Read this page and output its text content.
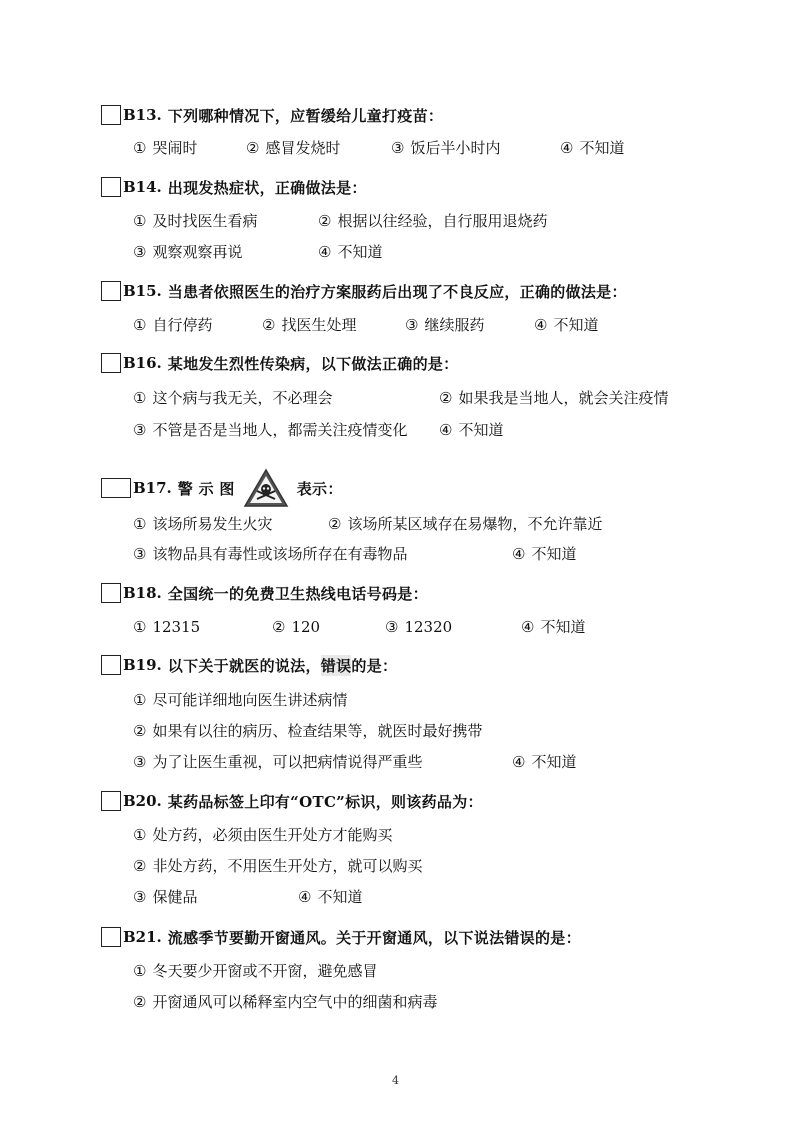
B13. 下列哪种情况下，应暂缓给儿童打疫苗：
① 哭闹时	② 感冒发烧时	③ 饭后半小时内	④ 不知道
B14. 出现发热症状，正确做法是：
① 及时找医生看病	② 根据以往经验，自行服用退烧药
③ 观察观察再说	④ 不知道
B15. 当患者依照医生的治疗方案服药后出现了不良反应，正确的做法是：
① 自行停药	② 找医生处理	③ 继续服药	④ 不知道
B16. 某地发生烈性传染病，以下做法正确的是：
① 这个病与我无关，不必理会	② 如果我是当地人，就会关注疫情
③ 不管是否是当地人，都需关注疫情变化 ④ 不知道
B17. 警 示 图	表示：
① 该场所易发生火灾	② 该场所某区域存在易爆物，不允许靠近
③ 该物品具有毒性或该场所存在有毒物品	④ 不知道
B18. 全国统一的免费卫生热线电话号码是：
① 12315	② 120	③ 12320	④ 不知道
B19. 以下关于就医的说法， 错误 的是：
① 尽可能详细地向医生讲述病情
② 如果有以往的病历、检查结果等，就医时最好携带
③ 为了让医生重视，可以把病情说得严重些	④ 不知道
B20. 某药品标签上印有“OTC”标识，则该药品为：
① 处方药，必须由医生开处方才能购买
② 非处方药，不用医生开处方，就可以购买
③ 保健品	④ 不知道
B21. 流感季节要勤开窗通风。关于开窗通风，以下说法错误的是：
① 冬天要少开窗或不开窗，避免感冒
② 开窗通风可以稀释室内空气中的细菌和病毒
4
